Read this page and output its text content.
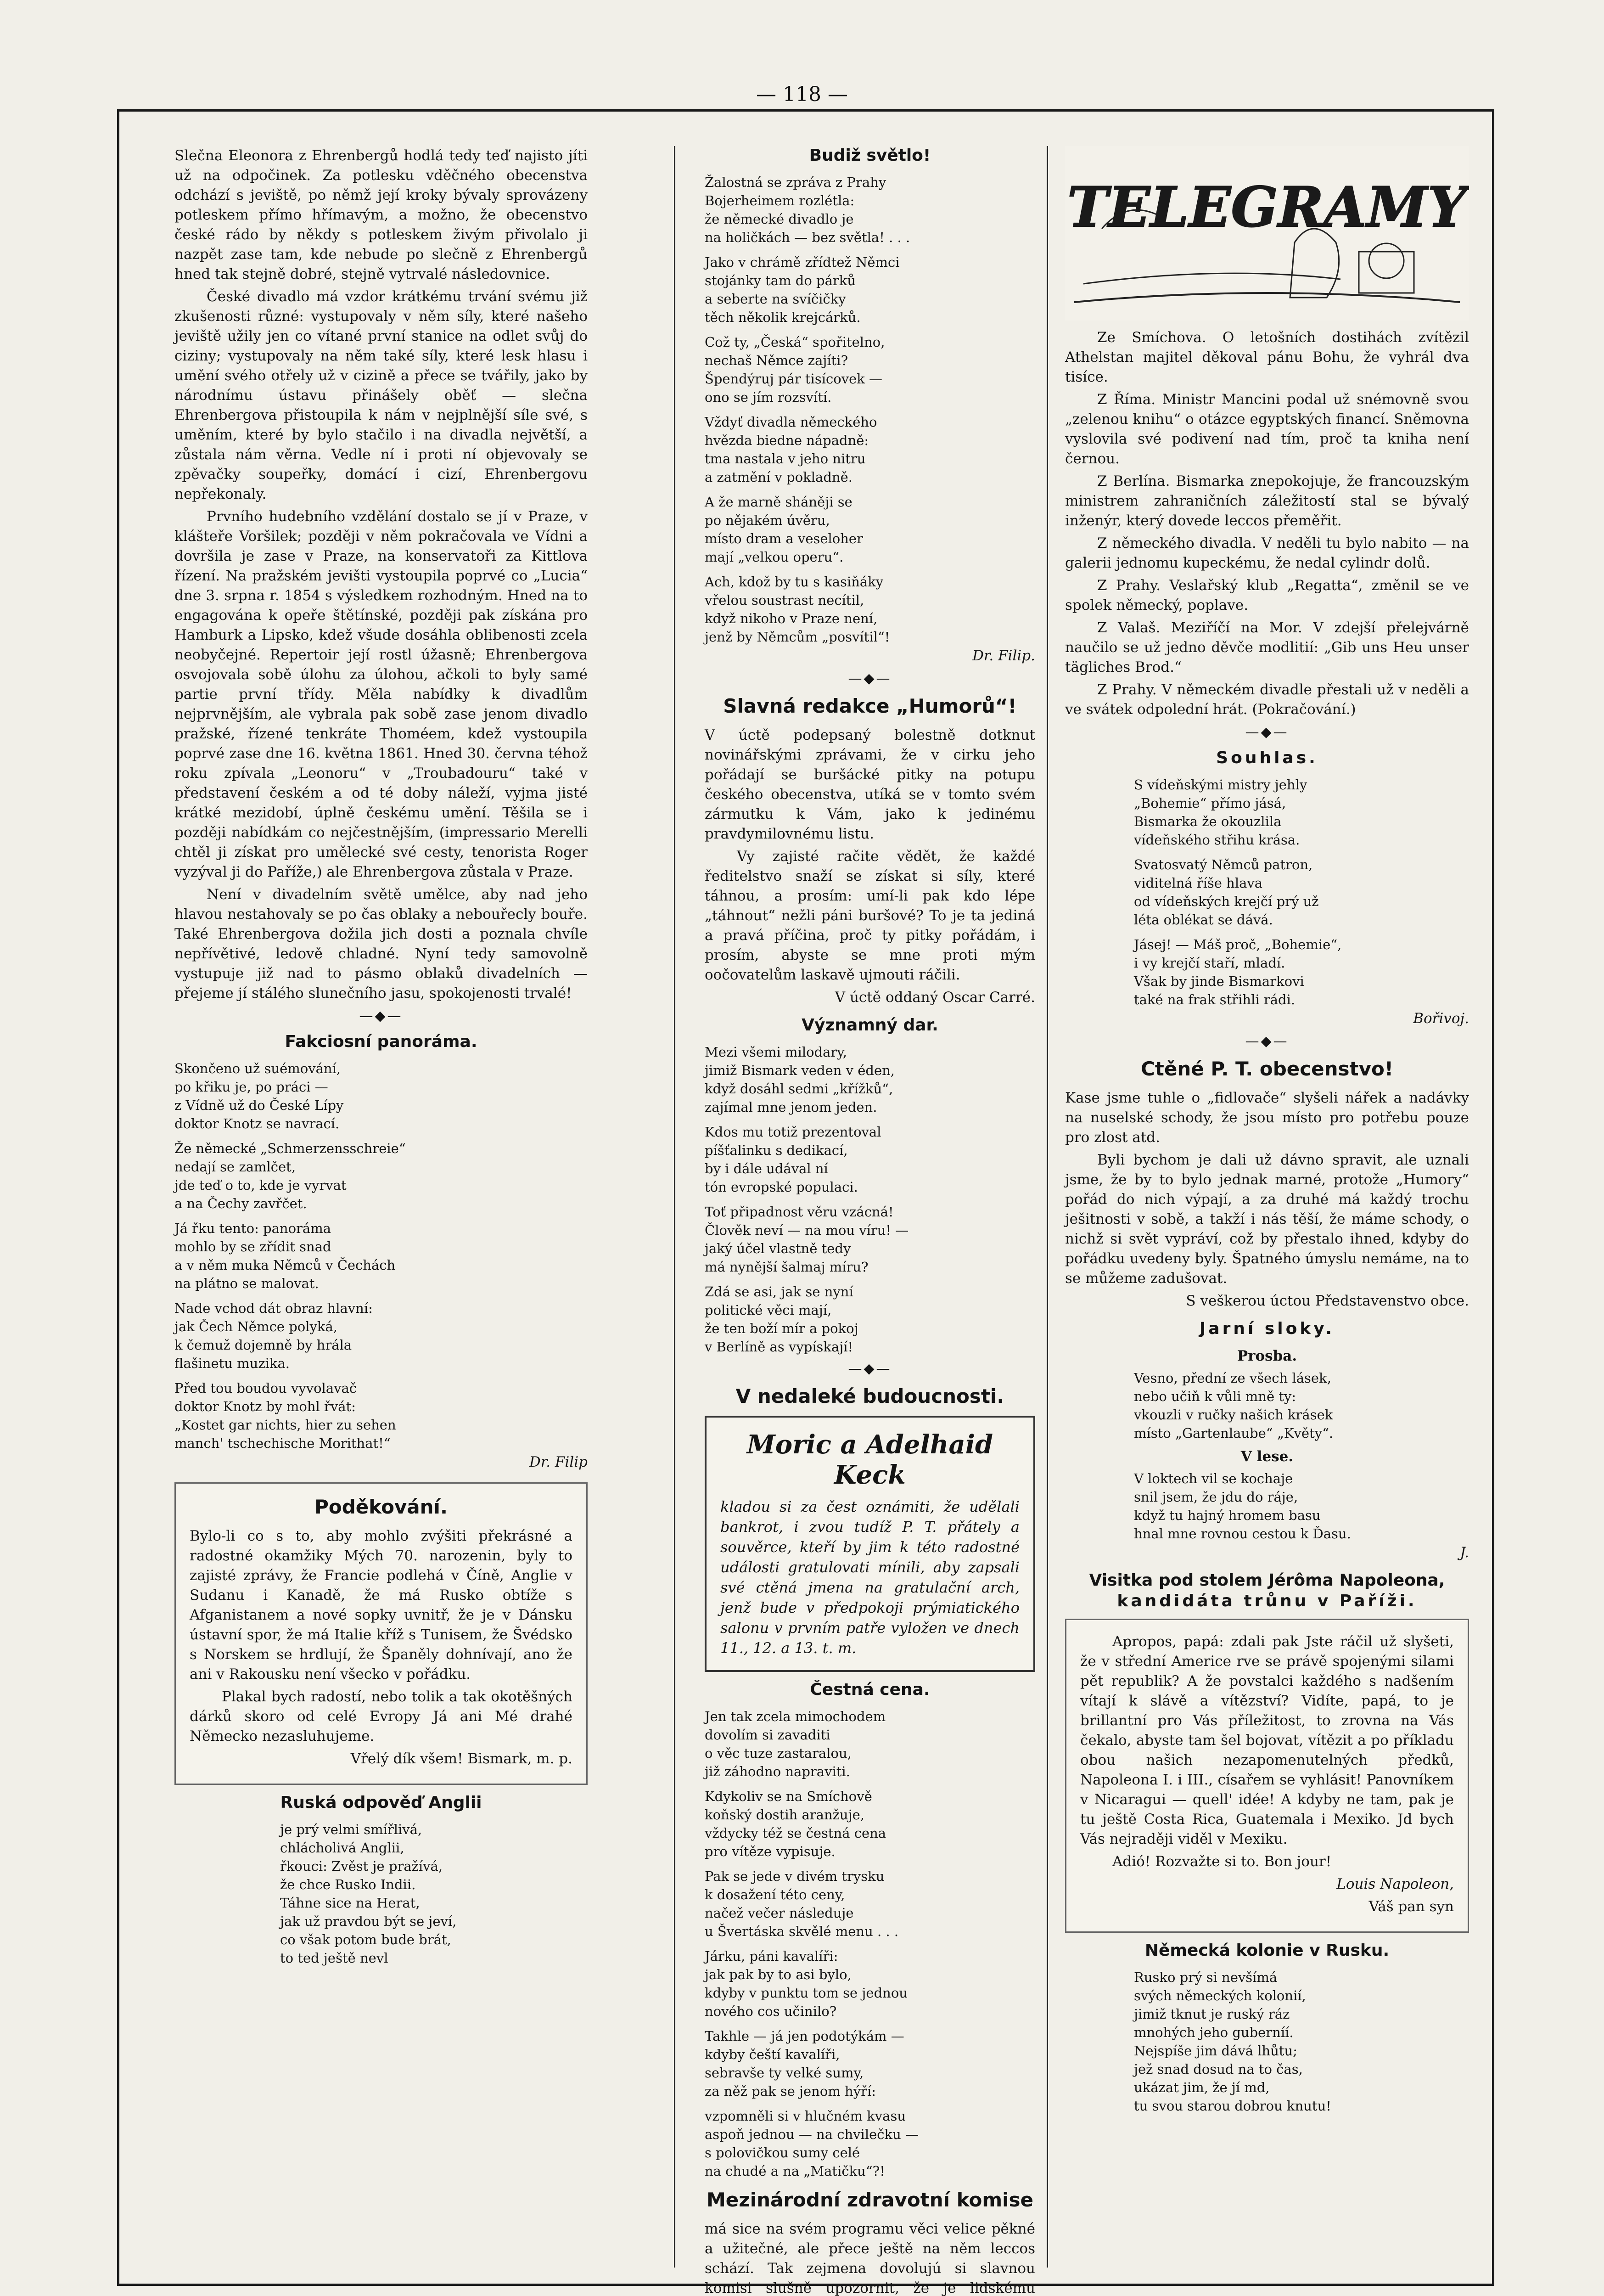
— 118 —

Slečna Eleonora z Ehrenbergů hodlá tedy teď najisto jíti už na odpočinek. Za potlesku vděčného obecenstva odchází s jeviště, po němž její kroky bývaly sprovázeny potleskem přímo hřímavým, a možno, že obecenstvo české rádo by někdy s potleskem živým přivolalo ji nazpět zase tam, kde nebude po slečně z Ehrenbergů hned tak stejně dobré, stejně vytrvalé následovnice.

České divadlo má vzdor krátkému trvání svému již zkušenosti různé: vystupovaly v něm síly, které našeho jeviště užily jen co vítané první stanice na odlet svůj do ciziny; vystupovaly na něm také síly, které lesk hlasu i umění svého otřely už v cizině a přece se tvářily, jako by národnímu ústavu přinášely oběť — slečna Ehrenbergova přistoupila k nám v nejplnější síle své, s uměním, které by bylo stačilo i na divadla největší, a zůstala nám věrna. Vedle ní i proti ní objevovaly se zpěvačky soupeřky, domácí i cizí, Ehrenbergovu nepřekonaly.

Prvního hudebního vzdělání dostalo se jí v Praze, v klášteře Voršilek; později v něm pokračovala ve Vídni a dovršila je zase v Praze, na konservatoři za Kittlova řízení. Na pražském jevišti vystoupila poprvé co „Lucia“ dne 3. srpna r. 1854 s výsledkem rozhodným. Hned na to engagována k opeře štětínské, později pak získána pro Hamburk a Lipsko, kdež všude dosáhla oblibenosti zcela neobyčejné. Repertoir její rostl úžasně; Ehrenbergova osvojovala sobě úlohu za úlohou, ačkoli to byly samé partie první třídy. Měla nabídky k divadlům nejprvnějším, ale vybrala pak sobě zase jenom divadlo pražské, řízené tenkráte Thoméem, kdež vystoupila poprvé zase dne 16. května 1861. Hned 30. června téhož roku zpívala „Leonoru“ v „Troubadouru“ také v představení českém a od té doby náleží, vyjma jisté krátké mezidobí, úplně českému umění. Těšila se i později nabídkám co nejčestnějším, (impressario Merelli chtěl ji získat pro umělecké své cesty, tenorista Roger vyzýval ji do Paříže,) ale Ehrenbergova zůstala v Praze.

Není v divadelním světě umělce, aby nad jeho hlavou nestahovaly se po čas oblaky a nebouřecly bouře. Také Ehrenbergova dožila jich dosti a poznala chvíle nepřívětivé, ledově chladné. Nyní tedy samovolně vystupuje již nad to pásmo oblaků divadelních — přejeme jí stálého slunečního jasu, spokojenosti trvalé!

—◆—
Fakciosní panoráma.

Skončeno už suémování,

po křiku je, po práci —

z Vídně už do České Lípy

doktor Knotz se navrací.

Že německé „Schmerzensschreie“

nedají se zamlčet,

jde teď o to, kde je vyrvat

a na Čechy zavřčet.

Já řku tento: panoráma

mohlo by se zřídit snad

a v něm muka Němců v Čechách

na plátno se malovat.

Nade vchod dát obraz hlavní:

jak Čech Němce polyká,

k čemuž dojemně by hrála

flašinetu muzika.

Před tou boudou vyvolavač

doktor Knotz by mohl řvát:

„Kostet gar nichts, hier zu sehen

manch' tschechische Morithat!“

Dr. Filip

Poděkování.

Bylo-li co s to, aby mohlo zvýšiti překrásné a radostné okamžiky Mých 70. narozenin, byly to zajisté zprávy, že Francie podlehá v Číně, Anglie v Sudanu i Kanadě, že má Rusko obtíže s Afganistanem a nové sopky uvnitř, že je v Dánsku ústavní spor, že má Italie kříž s Tunisem, že Švédsko s Norskem se hrdlují, že Španěly dohnívají, ano že ani v Rakousku není všecko v pořádku.

Plakal bych radostí, nebo tolik a tak okotěšných dárků skoro od celé Evropy Já ani Mé drahé Německo nezasluhujeme.

Vřelý dík všem! Bismark, m. p.

Ruská odpověď Anglii

je prý velmi smířlivá,

chlácholivá Anglii,

řkouci: Zvěst je pražívá,

že chce Rusko Indii.

Táhne sice na Herat,

jak už pravdou být se jeví,

co však potom bude brát,

to ted ještě nevl

Budiž světlo!

Žalostná se zpráva z Prahy

Bojerheimem rozlétla:

že německé divadlo je

na holičkách — bez světla! . . .

Jako v chrámě zřídtež Němci

stojánky tam do párků

a seberte na svíčičky

těch několik krejcárků.

Což ty, „Česká“ spořitelno,

nechaš Němce zajíti?

Špendýruj pár tisícovek —

ono se jím rozsvítí.

Vždyť divadla německého

hvězda biedne nápadně:

tma nastala v jeho nitru

a zatmění v pokladně.

A že marně sháněji se

po nějakém úvěru,

místo dram a veseloher

mají „velkou operu“.

Ach, kdož by tu s kasiňáky

vřelou soustrast necítil,

když nikoho v Praze není,

jenž by Němcům „posvítil“!

Dr. Filip.

—◆—
Slavná redakce „Humorů“!

V úctě podepsaný bolestně dotknut novinářskými zprávami, že v cirku jeho pořádají se buršácké pitky na potupu českého obecenstva, utíká se v tomto svém zármutku k Vám, jako k jedinému pravdymilovnému listu.

Vy zajisté račite vědět, že každé ředitelstvo snaží se získat si síly, které táhnou, a prosím: umí-li pak kdo lépe „táhnout“ nežli páni buršové? To je ta jediná a pravá příčina, proč ty pitky pořádám, i prosím, abyste se mne proti mým oočovatelům laskavě ujmouti ráčili.

V úctě oddaný Oscar Carré.

Významný dar.

Mezi všemi milodary,

jimiž Bismark veden v éden,

když dosáhl sedmi „křížků“,

zajímal mne jenom jeden.

Kdos mu totiž prezentoval

píšťalinku s dedikací,

by i dále udával ní

tón evropské populaci.

Toť připadnost věru vzácná!

Člověk neví — na mou víru! —

jaký účel vlastně tedy

má nynější šalmaj míru?

Zdá se asi, jak se nyní

politické věci mají,

že ten boží mír a pokoj

v Berlíně as vypískají!

—◆—
V nedaleké budoucnosti.
Moric a Adelhaid Keck
kladou si za čest oznámiti, že udělali bankrot, i zvou tudíž P. T. přátely a souvěrce, kteří by jim k této radostné události gratulovati mínili, aby zapsali své ctěná jmena na gratulační arch, jenž bude v předpokoji prýmiatického salonu v prvním patře vyložen ve dnech 11., 12. a 13. t. m.
Čestná cena.

Jen tak zcela mimochodem

dovolím si zavaditi

o věc tuze zastaralou,

již záhodno napraviti.

Kdykoliv se na Smíchově

koňský dostih aranžuje,

vždycky též se čestná cena

pro vítěze vypisuje.

Pak se jede v divém trysku

k dosažení této ceny,

načež večer následuje

u Švertáska skvělé menu . . .

Járku, páni kavalíři:

jak pak by to asi bylo,

kdyby v punktu tom se jednou

nového cos učinilo?

Takhle — já jen podotýkám —

kdyby čeští kavalíři,

sebravše ty velké sumy,

za něž pak se jenom hýří:

vzpomněli si v hlučném kvasu

aspoň jednou — na chvilečku —

s polovičkou sumy celé

na chudé a na „Matičku“?!

Mezinárodní zdravotní komise

má sice na svém programu věci velice pěkné a užitečné, ale přece ještě na něm leccos schází. Tak zejmena dovolujú si slavnou komisi slušně upozornit, že je lidskému

TELEGRAMY

Ze Smíchova. O letošních dostihách zvítězil Athelstan majitel děkoval pánu Bohu, že vyhrál dva tisíce.

Z Říma. Ministr Mancini podal už snémovně svou „zelenou knihu“ o otázce egyptských financí. Sněmovna vyslovila své podivení nad tím, proč ta kniha není černou.

Z Berlína. Bismarka znepokojuje, že francouzským ministrem zahraničních záležitostí stal se bývalý inženýr, který dovede leccos přeměřit.

Z německého divadla. V neděli tu bylo nabito — na galerii jednomu kupeckému, že nedal cylindr dolů.

Z Prahy. Veslařský klub „Regatta“, změnil se ve spolek německý, poplave.

Z Valaš. Meziříčí na Mor. V zdejší přelejvárně naučilo se už jedno děvče modlitií: „Gib uns Heu unser tägliches Brod.“

Z Prahy. V německém divadle přestali už v neděli a ve svátek odpolední hrát. (Pokračování.)

—◆—
Souhlas.

S vídeňskými mistry jehly

„Bohemie“ přímo jásá,

Bismarka že okouzlila

vídeňského střihu krása.

Svatosvatý Němců patron,

viditelná říše hlava

od vídeňských krejčí prý už

léta oblékat se dává.

Jásej! — Máš proč, „Bohemie“,

i vy krejčí staří, mladí.

Však by jinde Bismarkovi

také na frak střihli rádi.

Bořivoj.

—◆—
Ctěné P. T. obecenstvo!

Kase jsme tuhle o „fidlovače“ slyšeli nářek a nadávky na nuselské schody, že jsou místo pro potřebu pouze pro zlost atd.

Byli bychom je dali už dávno spravit, ale uznali jsme, že by to bylo jednak marné, protože „Humory“ pořád do nich výpají, a za druhé má každý trochu ješitnosti v sobě, a takží i nás těší, že máme schody, o nichž si svět vypráví, což by přestalo ihned, kdyby do pořádku uvedeny byly. Špatného úmyslu nemáme, na to se můžeme zadušovat.

S veškerou úctou Představenstvo obce.

Jarní sloky.

Prosba.

Vesno, přední ze všech lásek,

nebo učiň k vůli mně ty:

vkouzli v ručky našich krásek

místo „Gartenlaube“ „Květy“.

V lese.

V loktech vil se kochaje

snil jsem, že jdu do ráje,

když tu hajný hromem basu

hnal mne rovnou cestou k Ďasu.

J.

Visitka pod stolem Jérôma Napoleona,
kandidáta trůnu v Paříži.

Apropos, papá: zdali pak Jste ráčil už slyšeti, že v střední Americe rve se právě spojenými silami pět republik? A že povstalci každého s nadšením vítají k slávě a vítězství? Vidíte, papá, to je brillantní pro Vás příležitost, to zrovna na Vás čekalo, abyste tam šel bojovat, vítězit a po příkladu obou našich nezapomenutelných předků, Napoleona I. i III., císařem se vyhlásit! Panovníkem v Nicaragui — quell' idée! A kdyby ne tam, pak je tu ještě Costa Rica, Guatemala i Mexiko. Jd bych Vás nejraději viděl v Mexiku.

Adió! Rozvažte si to. Bon jour!

Louis Napoleon,

Váš pan syn

Německá kolonie v Rusku.

Rusko prý si nevšímá

svých německých kolonií,

jimiž tknut je ruský ráz

mnohých jeho guberníí.

Nejspíše jim dává lhůtu;

jež snad dosud na to čas,

ukázat jim, že jí md,

tu svou starou dobrou knutu!
